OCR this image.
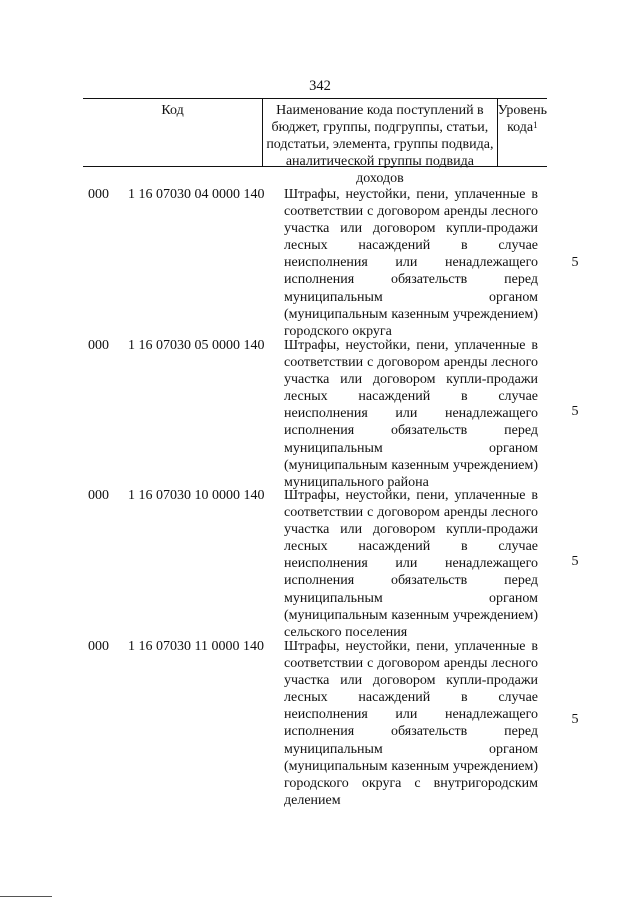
342
Код	Наименование кода поступлений в бюджет, группы, подгруппы, статьи, подстатьи, элемента, группы подвида, аналитической группы подвида доходов
Уровень кода$^1$
000 1 16 07030 04 0000 140 Штрафы, неустойки, пени, уплаченные в соответствии с договором аренды лесного участка или договором купли-продажи лесных насаждений в случае неисполнения или ненадлежащего исполнения обязательств перед муниципальным органом (муниципальным казенным учреждением) городского округа
5
000 1 16 07030 05 0000 140 Штрафы, неустойки, пени, уплаченные в соответствии с договором аренды лесного участка или договором купли-продажи лесных насаждений в случае неисполнения или ненадлежащего исполнения обязательств перед муниципальным органом (муниципальным казенным учреждением) муниципального района
5
000 1 16 07030 10 0000 140 Штрафы, неустойки, пени, уплаченные в соответствии с договором аренды лесного участка или договором купли-продажи лесных насаждений в случае неисполнения или ненадлежащего исполнения обязательств перед муниципальным органом (муниципальным казенным учреждением) сельского поселения
5
000 1 16 07030 11 0000 140 Штрафы, неустойки, пени, уплаченные в соответствии с договором аренды лесного участка или договором купли-продажи лесных насаждений в случае неисполнения или ненадлежащего исполнения обязательств перед муниципальным органом (муниципальным казенным учреждением) городского округа с внутригородским делением
5
